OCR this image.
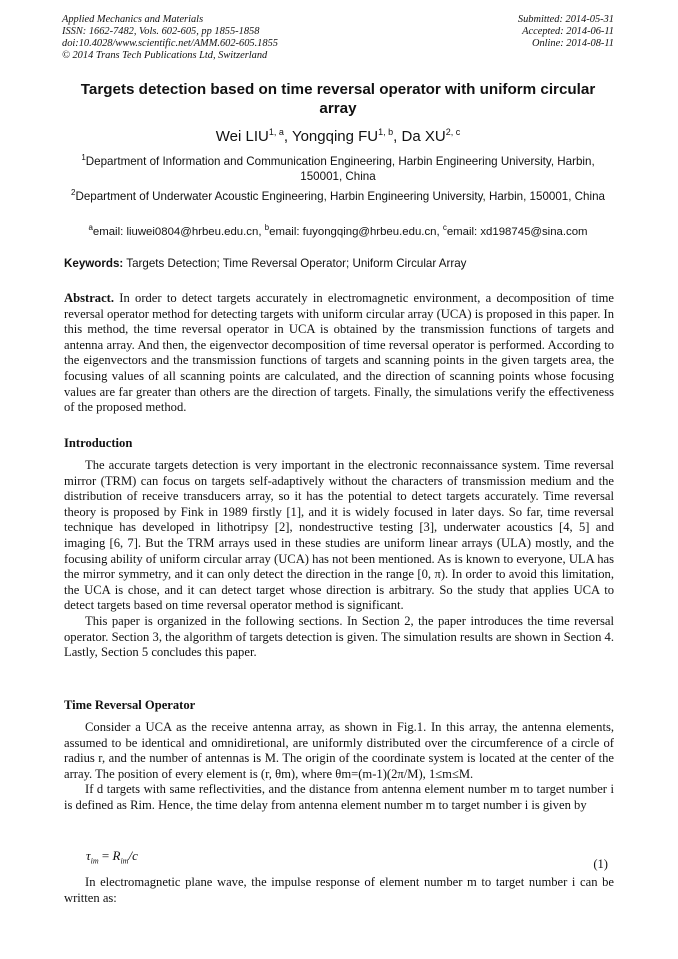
Applied Mechanics and Materials
ISSN: 1662-7482, Vols. 602-605, pp 1855-1858
doi:10.4028/www.scientific.net/AMM.602-605.1855
© 2014 Trans Tech Publications Ltd, Switzerland
Submitted: 2014-05-31
Accepted: 2014-06-11
Online: 2014-08-11
Targets detection based on time reversal operator with uniform circular array
Wei LIU$^{1, a}$, Yongqing FU$^{1, b}$, Da XU$^{2, c}$
$^1$Department of Information and Communication Engineering, Harbin Engineering University, Harbin, 150001, China
$^2$Department of Underwater Acoustic Engineering, Harbin Engineering University, Harbin, 150001, China
$^a$email: liuwei0804@hrbeu.edu.cn, $^b$email: fuyongqing@hrbeu.edu.cn, $^c$email: xd198745@sina.com
Keywords: Targets Detection; Time Reversal Operator; Uniform Circular Array

Abstract. In order to detect targets accurately in electromagnetic environment, a decomposition of time reversal operator method for detecting targets with uniform circular array (UCA) is proposed in this paper. In this method, the time reversal operator in UCA is obtained by the transmission functions of targets and antenna array. And then, the eigenvector decomposition of time reversal operator is performed. According to the eigenvectors and the transmission functions of targets and scanning points in the given targets area, the focusing values of all scanning points are calculated, and the direction of scanning points whose focusing values are far greater than others are the direction of targets. Finally, the simulations verify the effectiveness of the proposed method.

Introduction

The accurate targets detection is very important in the electronic reconnaissance system. Time reversal mirror (TRM) can focus on targets self-adaptively without the characters of transmission medium and the distribution of receive transducers array, so it has the potential to detect targets accurately. Time reversal theory is proposed by Fink in 1989 firstly [1], and it is widely focused in later days. So far, time reversal technique has developed in lithotripsy [2], nondestructive testing [3], underwater acoustics [4, 5] and imaging [6, 7]. But the TRM arrays used in these studies are uniform linear arrays (ULA) mostly, and the focusing ability of uniform circular array (UCA) has not been mentioned. As is known to everyone, ULA has the mirror symmetry, and it can only detect the direction in the range [0, π). In order to avoid this limitation, the UCA is chose, and it can detect target whose direction is arbitrary. So the study that applies UCA to detect targets based on time reversal operator method is significant.

This paper is organized in the following sections. In Section 2, the paper introduces the time reversal operator. Section 3, the algorithm of targets detection is given. The simulation results are shown in Section 4. Lastly, Section 5 concludes this paper.

Time Reversal Operator

Consider a UCA as the receive antenna array, as shown in Fig.1. In this array, the antenna elements, assumed to be identical and omnidiretional, are uniformly distributed over the circumference of a circle of radius r, and the number of antennas is M. The origin of the coordinate system is located at the center of the array. The position of every element is (r, θm), where θm=(m-1)(2π/M), 1≤m≤M.

If d targets with same reflectivities, and the distance from antenna element number m to target number i is defined as Rim. Hence, the time delay from antenna element number m to target number i is given by

$\tau_{im} = R_{im}/c$
(1)

In electromagnetic plane wave, the impulse response of element number m to target number i can be written as:
